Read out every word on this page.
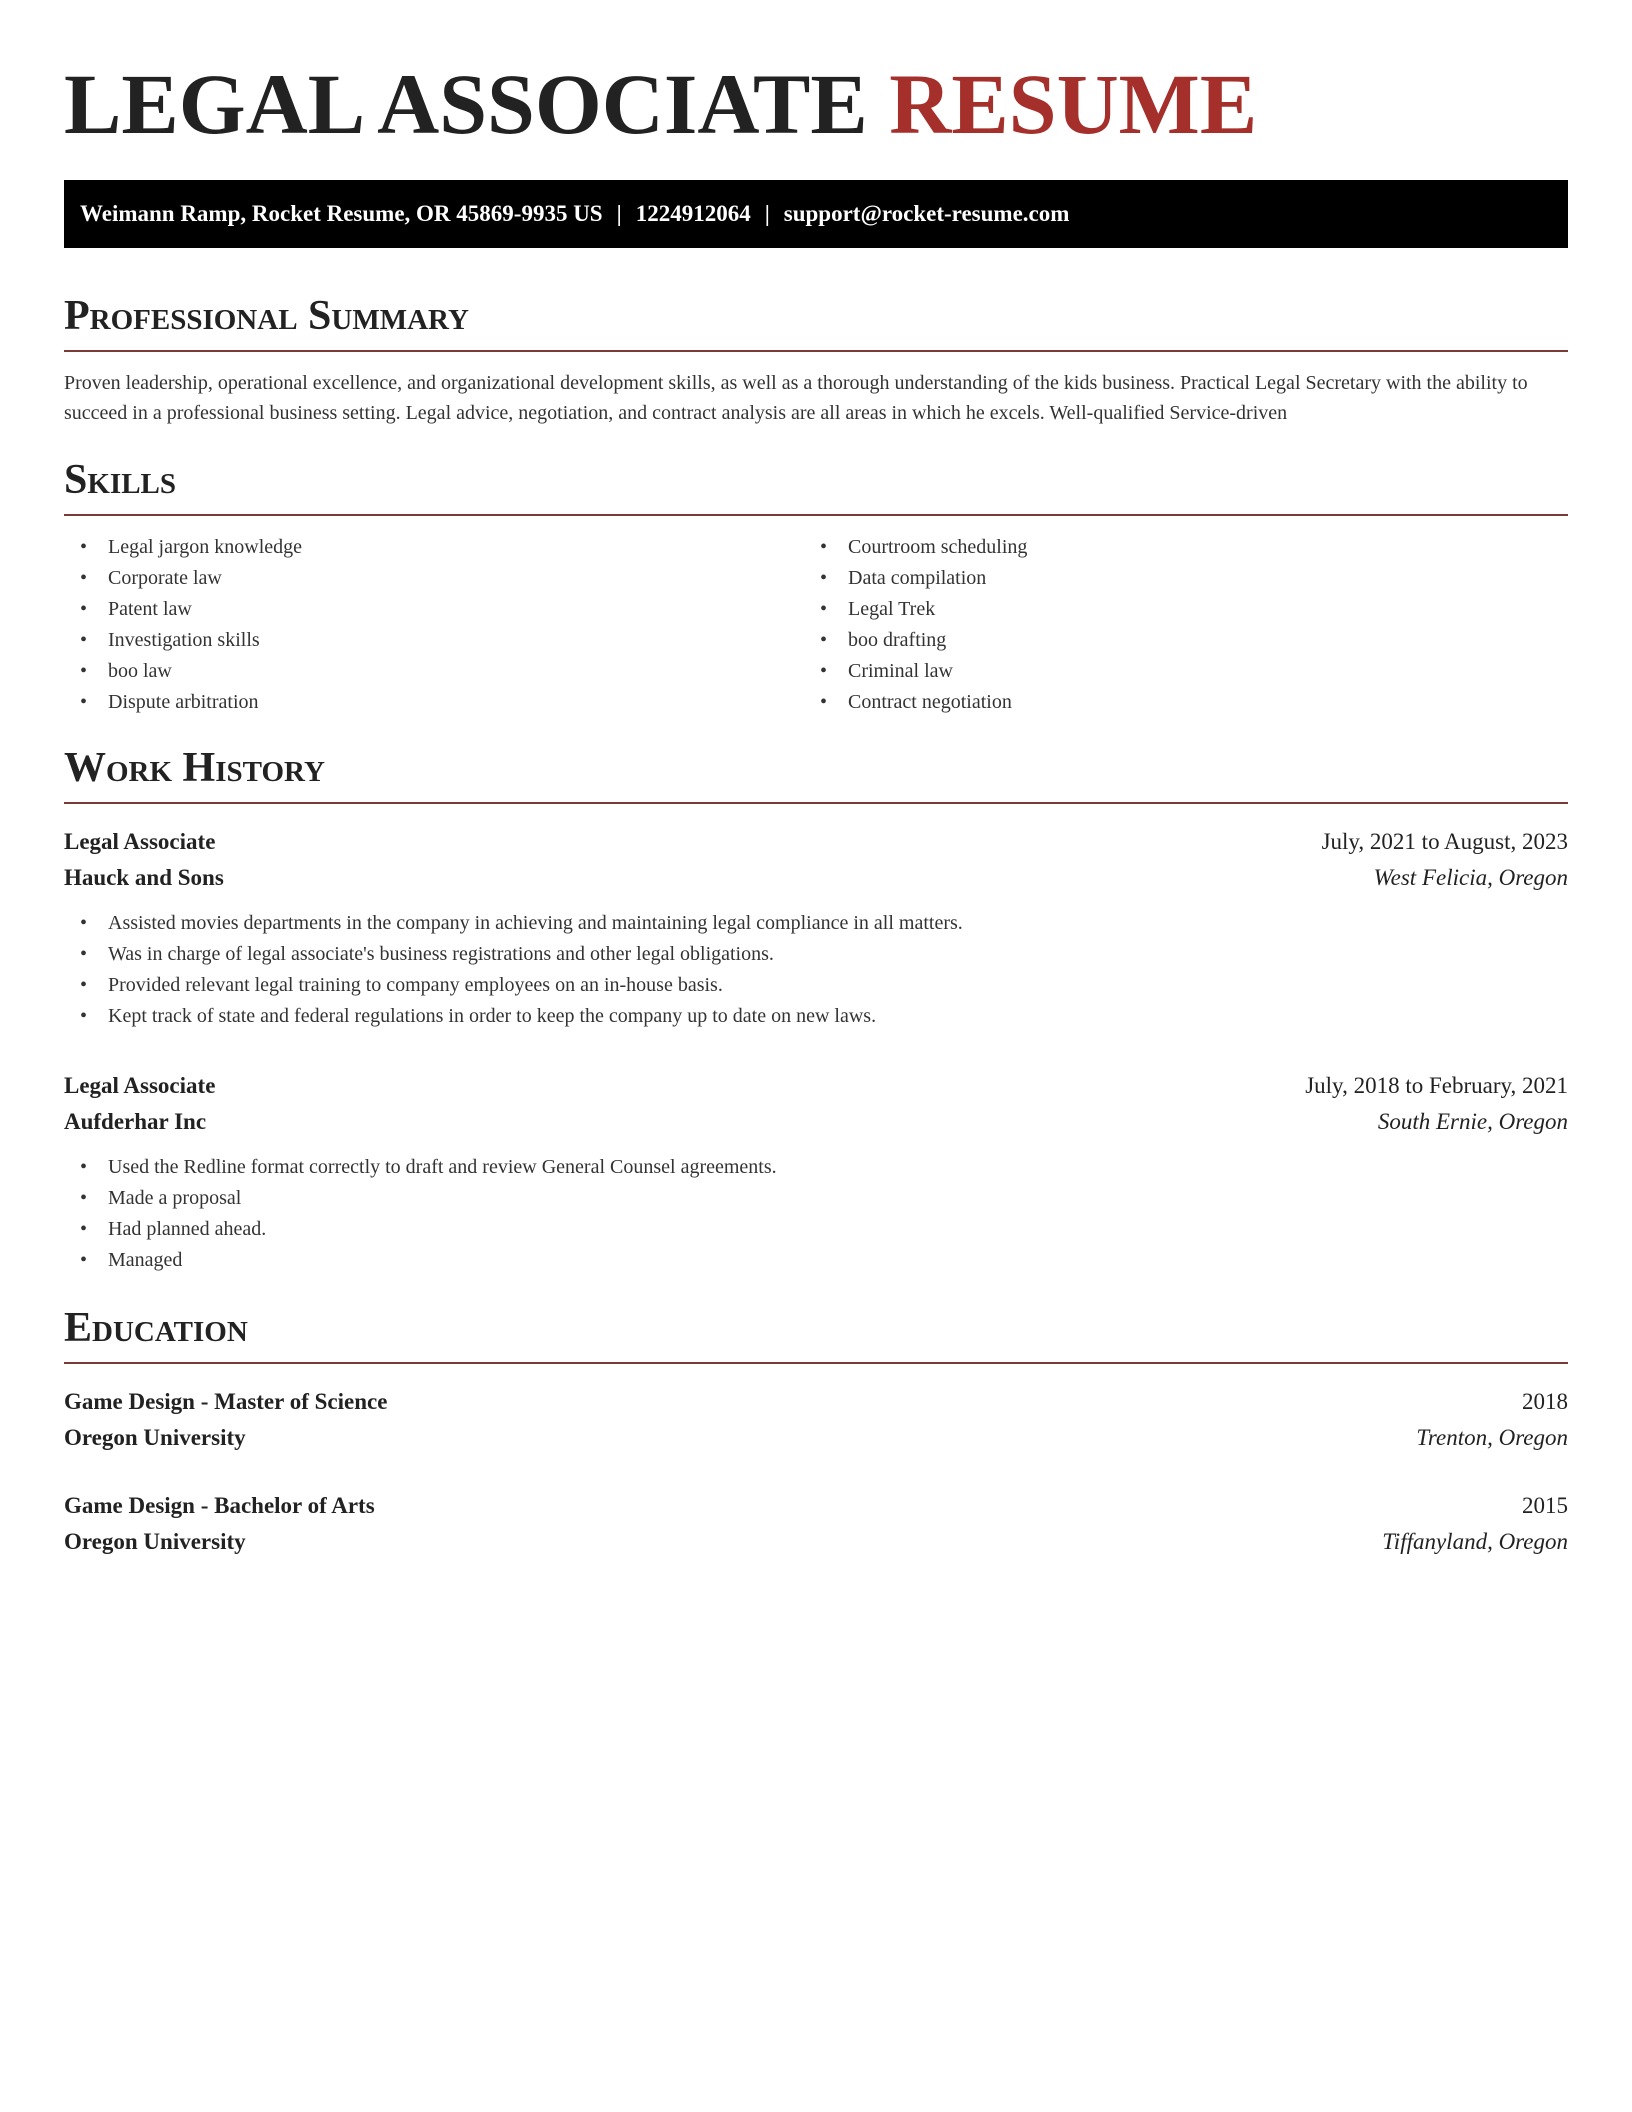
LEGAL ASSOCIATE RESUME
Weimann Ramp, Rocket Resume, OR 45869-9935 US | 1224912064 | support@rocket-resume.com
Professional Summary

Proven leadership, operational excellence, and organizational development skills, as well as a thorough understanding of the kids business. Practical Legal Secretary with the ability to succeed in a professional business setting. Legal advice, negotiation, and contract analysis are all areas in which he excels. Well-qualified Service-driven

Skills
• Legal jargon knowledge
• Corporate law
• Patent law
• Investigation skills
• boo law
• Dispute arbitration
• Courtroom scheduling
• Data compilation
• Legal Trek
• boo drafting
• Criminal law
• Contract negotiation
Work History
Legal Associate	July, 2021 to August, 2023
Hauck and Sons	West Felicia, Oregon
• Assisted movies departments in the company in achieving and maintaining legal compliance in all matters.
• Was in charge of legal associate's business registrations and other legal obligations.
• Provided relevant legal training to company employees on an in-house basis.
• Kept track of state and federal regulations in order to keep the company up to date on new laws.
Legal Associate	July, 2018 to February, 2021
Aufderhar Inc	South Ernie, Oregon
• Used the Redline format correctly to draft and review General Counsel agreements.
• Made a proposal
• Had planned ahead.
• Managed
Education
Game Design - Master of Science	2018
Oregon University	Trenton, Oregon
Game Design - Bachelor of Arts	2015
Oregon University	Tiffanyland, Oregon
